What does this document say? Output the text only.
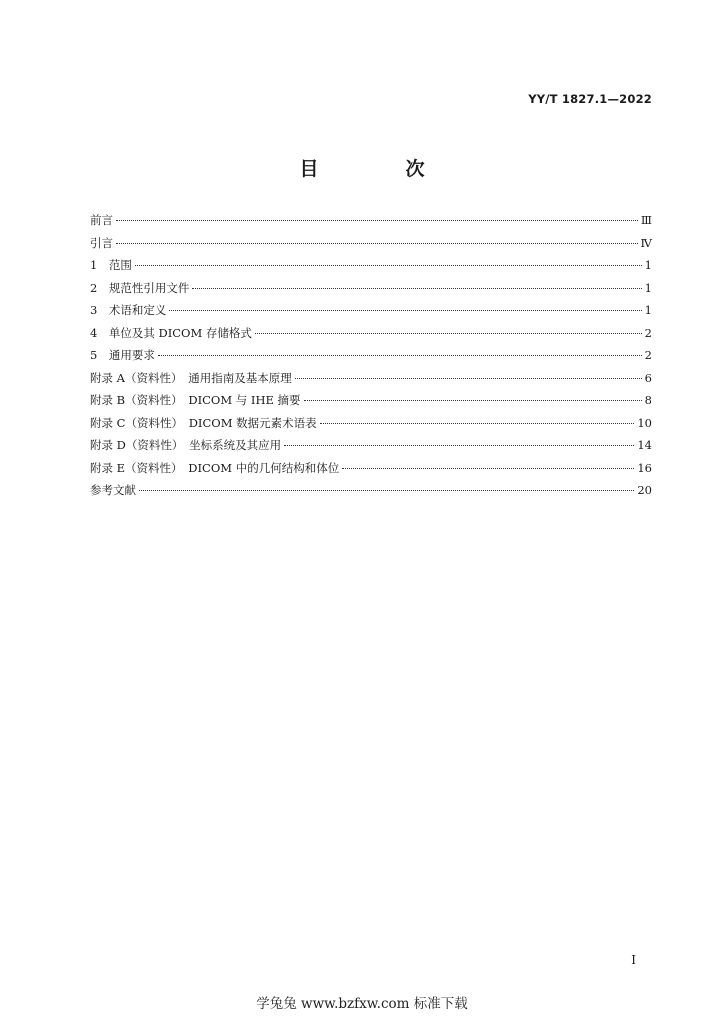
YY/T 1827.1—2022
目　次
前言	Ⅲ
引言	Ⅳ
1　范围	1
2　规范性引用文件	1
3　术语和定义	1
4　单位及其 DICOM 存储格式	2
5　通用要求	2
附录 A（资料性）　通用指南及基本原理	6
附录 B（资料性）　DICOM 与 IHE 摘要	8
附录 C（资料性）　DICOM 数据元素术语表	10
附录 D（资料性）　坐标系统及其应用	14
附录 E（资料性）　DICOM 中的几何结构和体位	16
参考文献	20
I
学兔兔 www.bzfxw.com 标准下载
